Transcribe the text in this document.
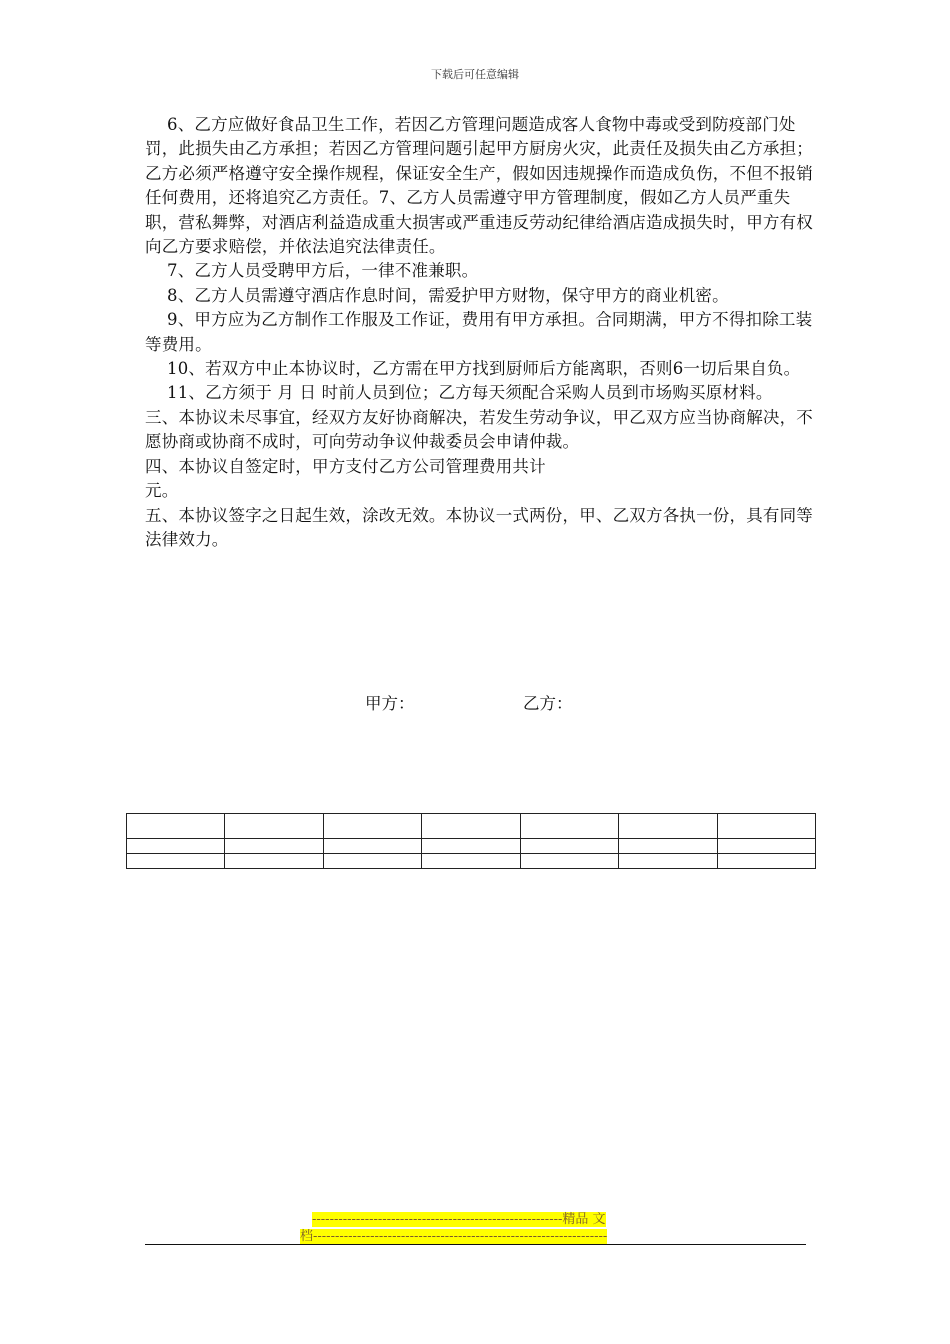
下载后可任意编辑

6、乙方应做好食品卫生工作，若因乙方管理问题造成客人食物中毒或受到防疫部门处罚，此损失由乙方承担；若因乙方管理问题引起甲方厨房火灾，此责任及损失由乙方承担；乙方必须严格遵守安全操作规程，保证安全生产，假如因违规操作而造成负伤，不但不报销任何费用，还将追究乙方责任。7、乙方人员需遵守甲方管理制度，假如乙方人员严重失职，营私舞弊，对酒店利益造成重大损害或严重违反劳动纪律给酒店造成损失时，甲方有权向乙方要求赔偿，并依法追究法律责任。

7、乙方人员受聘甲方后，一律不准兼职。

8、乙方人员需遵守酒店作息时间，需爱护甲方财物，保守甲方的商业机密。

9、甲方应为乙方制作工作服及工作证，费用有甲方承担。合同期满，甲方不得扣除工装等费用。

10、若双方中止本协议时，乙方需在甲方找到厨师后方能离职，否则6一切后果自负。

11、乙方须于 月 日 时前人员到位；乙方每天须配合采购人员到市场购买原材料。

三、本协议未尽事宜，经双方友好协商解决，若发生劳动争议，甲乙双方应当协商解决，不愿协商或协商不成时，可向劳动争议仲裁委员会申请仲裁。

四、本协议自签定时，甲方支付乙方公司管理费用共计

元。

五、本协议签字之日起生效，涂改无效。本协议一式两份，甲、乙双方各执一份，具有同等法律效力。

甲方：	乙方：

---------------------------------------------------------精品 文
档-------------------------------------------------------------------
